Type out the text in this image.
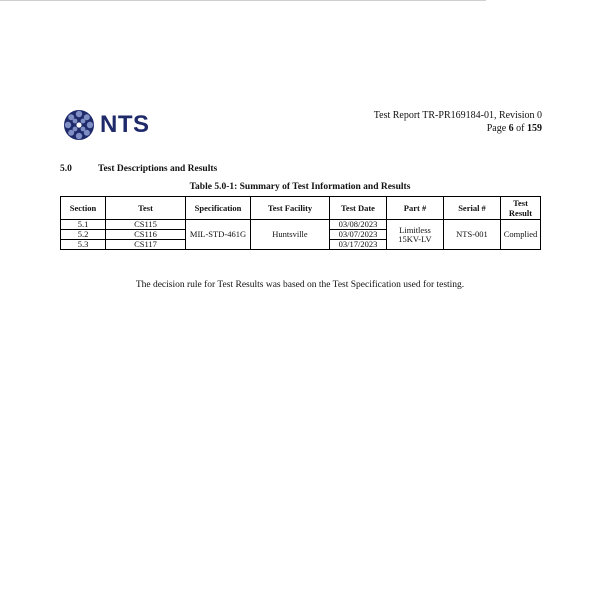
NTS	Test Report TR-PR169184-01, Revision 0
Page 6 of 159
5.0	Test Descriptions and Results
Table 5.0-1: Summary of Test Information and Results
Section	Test	Specification	Test Facility	Test Date	Part #	Serial #	Test Result
5.1	CS115	MIL-STD-461G	Huntsville	03/08/2023	Limitless 15KV-LV	NTS-001	Complied
5.2	CS116			03/07/2023			
5.3	CS117			03/17/2023			
The decision rule for Test Results was based on the Test Specification used for testing.
